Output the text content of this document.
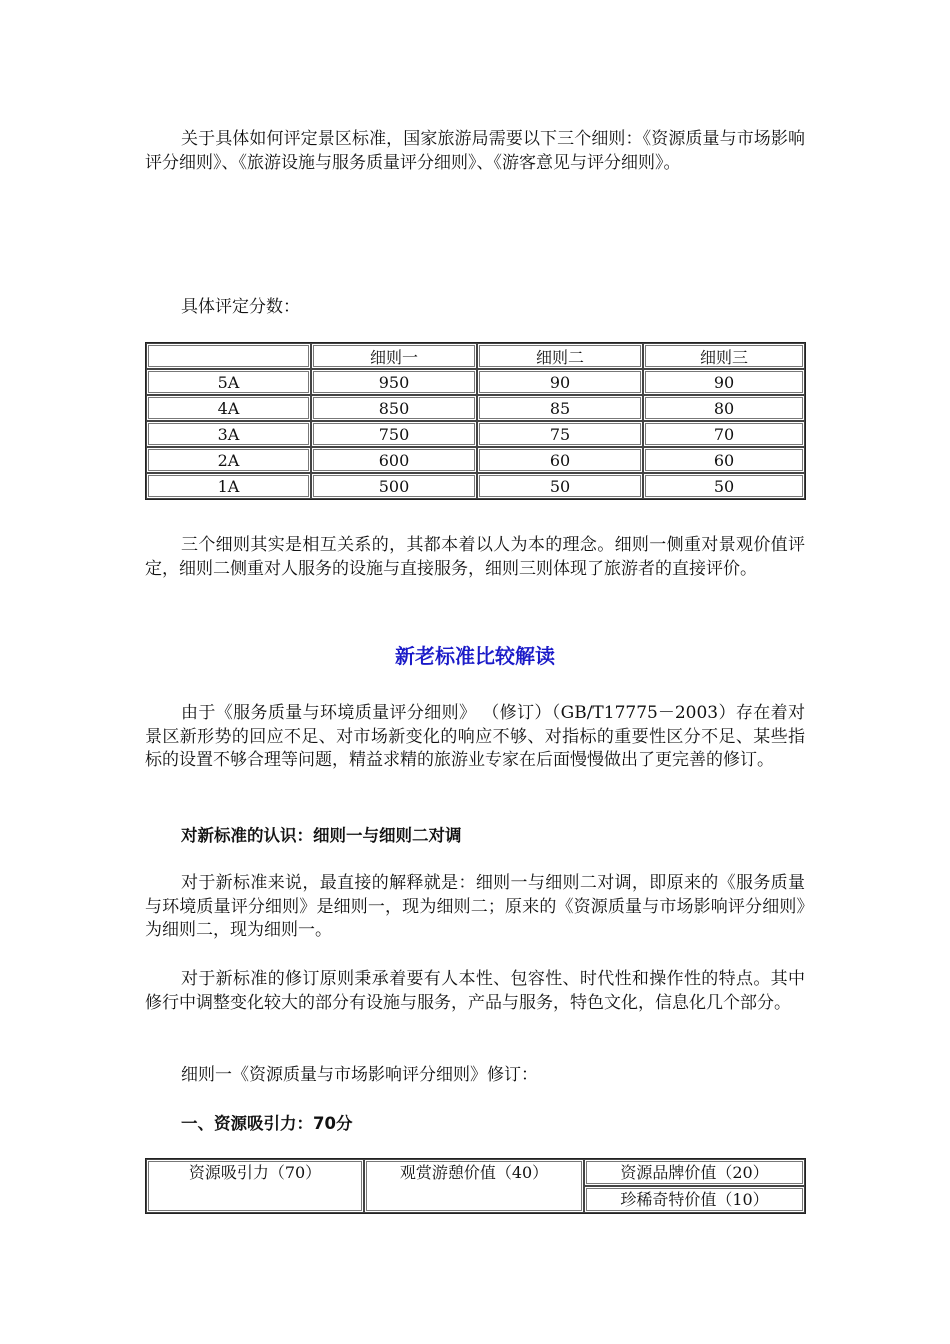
关于具体如何评定景区标准，国家旅游局需要以下三个细则：《资源质量与市场影响评分细则》、《旅游设施与服务质量评分细则》、《游客意见与评分细则》。

具体评定分数：

	细则一	细则二	细则三
5A	950	90	90
4A	850	85	80
3A	750	75	70
2A	600	60	60
1A	500	50	50

三个细则其实是相互关系的，其都本着以人为本的理念。细则一侧重对景观价值评定，细则二侧重对人服务的设施与直接服务，细则三则体现了旅游者的直接评价。

新老标准比较解读

由于《服务质量与环境质量评分细则》 （修订）（GB/T17775－2003）存在着对景区新形势的回应不足、对市场新变化的响应不够、对指标的重要性区分不足、某些指标的设置不够合理等问题，精益求精的旅游业专家在后面慢慢做出了更完善的修订。

对新标准的认识：细则一与细则二对调

对于新标准来说，最直接的解释就是：细则一与细则二对调，即原来的《服务质量与环境质量评分细则》是细则一，现为细则二；原来的《资源质量与市场影响评分细则》为细则二，现为细则一。

对于新标准的修订原则秉承着要有人本性、包容性、时代性和操作性的特点。其中修行中调整变化较大的部分有设施与服务，产品与服务，特色文化，信息化几个部分。

细则一《资源质量与市场影响评分细则》修订：

一、资源吸引力：70分

资源吸引力（70）	观赏游憩价值（40）	资源品牌价值（20）
珍稀奇特价值（10）
